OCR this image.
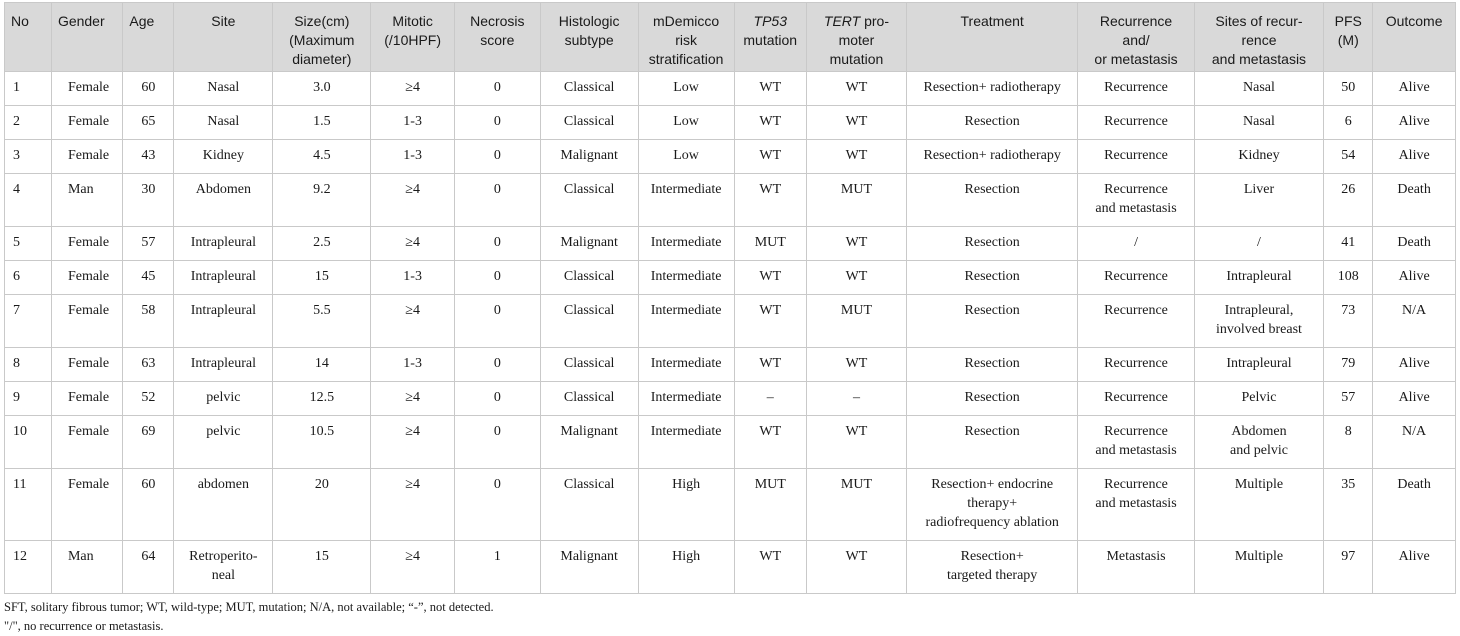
No	Gender	Age	Site	Size(cm)
(Maximum
diameter)	Mitotic
(/10HPF)	Necrosis
score	Histologic
subtype	mDemicco
risk
stratification	TP53
mutation	TERT pro-
moter
mutation	Treatment	Recurrence
and/
or metastasis	Sites of recur-
rence
and metastasis	PFS
(M)	Outcome
1	Female	60	Nasal	3.0	≥4	0	Classical	Low	WT	WT	Resection+ radiotherapy	Recurrence	Nasal	50	Alive
2	Female	65	Nasal	1.5	1-3	0	Classical	Low	WT	WT	Resection	Recurrence	Nasal	6	Alive
3	Female	43	Kidney	4.5	1-3	0	Malignant	Low	WT	WT	Resection+ radiotherapy	Recurrence	Kidney	54	Alive
4	Man	30	Abdomen	9.2	≥4	0	Classical	Intermediate	WT	MUT	Resection	Recurrence
and metastasis	Liver	26	Death
5	Female	57	Intrapleural	2.5	≥4	0	Malignant	Intermediate	MUT	WT	Resection	/	/	41	Death
6	Female	45	Intrapleural	15	1-3	0	Classical	Intermediate	WT	WT	Resection	Recurrence	Intrapleural	108	Alive
7	Female	58	Intrapleural	5.5	≥4	0	Classical	Intermediate	WT	MUT	Resection	Recurrence	Intrapleural,
involved breast	73	N/A
8	Female	63	Intrapleural	14	1-3	0	Classical	Intermediate	WT	WT	Resection	Recurrence	Intrapleural	79	Alive
9	Female	52	pelvic	12.5	≥4	0	Classical	Intermediate	–	–	Resection	Recurrence	Pelvic	57	Alive
10	Female	69	pelvic	10.5	≥4	0	Malignant	Intermediate	WT	WT	Resection	Recurrence
and metastasis	Abdomen
and pelvic	8	N/A
11	Female	60	abdomen	20	≥4	0	Classical	High	MUT	MUT	Resection+ endocrine
therapy+
radiofrequency ablation	Recurrence
and metastasis	Multiple	35	Death
12	Man	64	Retroperito-
neal	15	≥4	1	Malignant	High	WT	WT	Resection+
targeted therapy	Metastasis	Multiple	97	Alive
SFT, solitary fibrous tumor; WT, wild-type; MUT, mutation; N/A, not available; “-”, not detected.
"/", no recurrence or metastasis.
